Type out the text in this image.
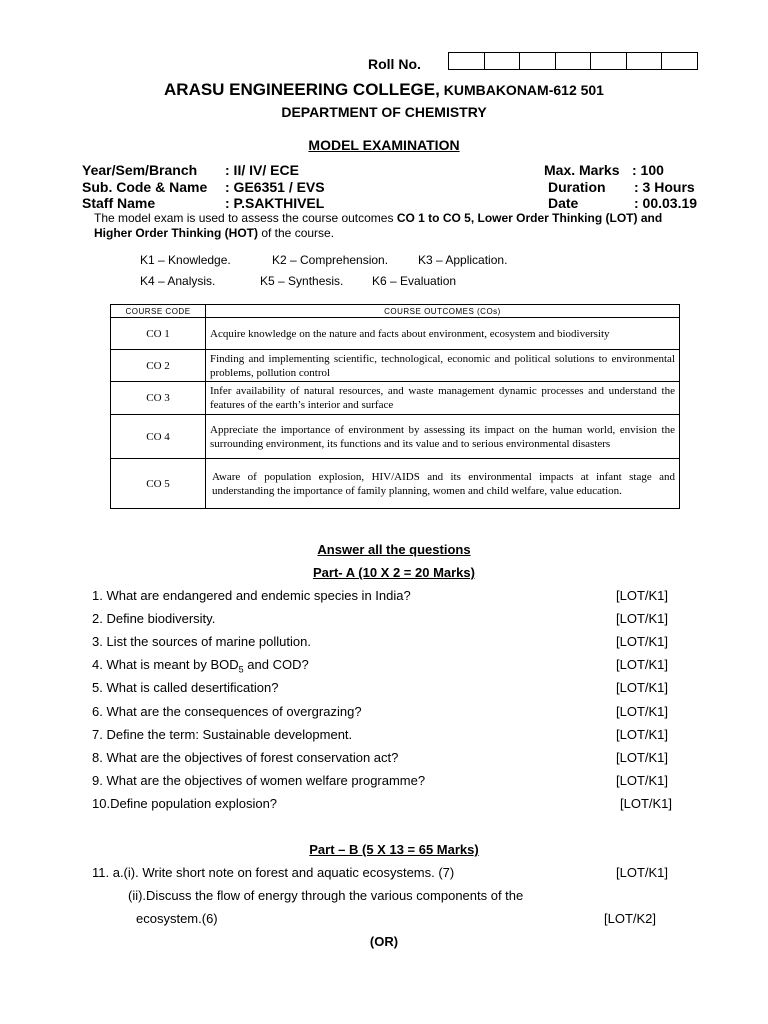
Roll No.
ARASU ENGINEERING COLLEGE, KUMBAKONAM-612 501
DEPARTMENT OF CHEMISTRY
MODEL EXAMINATION
Year/Sem/Branch : II/ IV/ ECE	Max. Marks : 100
Sub. Code & Name : GE6351 / EVS	Duration : 3 Hours
Staff Name	: P.SAKTHIVEL	Date	: 00.03.19
The model exam is used to assess the course outcomes CO 1 to CO 5, Lower Order Thinking (LOT) and Higher Order Thinking (HOT) of the course.
K1 – Knowledge.	K2 – Comprehension. K3 – Application.
K4 – Analysis.	K5 – Synthesis. K6 – Evaluation
COURSE CODE	COURSE OUTCOMES (COs)
CO 1	Acquire knowledge on the nature and facts about environment, ecosystem and biodiversity
CO 2	Finding and implementing scientific, technological, economic and political solutions to environmental problems, pollution control
CO 3	Infer availability of natural resources, and waste management dynamic processes and understand the features of the earth’s interior and surface
CO 4	Appreciate the importance of environment by assessing its impact on the human world, envision the surrounding environment, its functions and its value and to serious environmental disasters
CO 5	Aware of population explosion, HIV/AIDS and its environmental impacts at infant stage and understanding the importance of family planning, women and child welfare, value education.
Answer all the questions
Part- A (10 X 2 = 20 Marks)
1. What are endangered and endemic species in India?	[LOT/K1]
2. Define biodiversity.	[LOT/K1]
3. List the sources of marine pollution.	[LOT/K1]
4. What is meant by $BOD_5$ and COD?	[LOT/K1]
5. What is called desertification?	[LOT/K1]
6. What are the consequences of overgrazing?	[LOT/K1]
7. Define the term: Sustainable development.	[LOT/K1]
8. What are the objectives of forest conservation act?	[LOT/K1]
9. What are the objectives of women welfare programme?	[LOT/K1]
10.Define population explosion?	[LOT/K1]
Part – B (5 X 13 = 65 Marks)
11. a.(i). Write short note on forest and aquatic ecosystems. (7)	[LOT/K1]
(ii).Discuss the flow of energy through the various components of the
ecosystem.(6)	[LOT/K2]
(OR)
